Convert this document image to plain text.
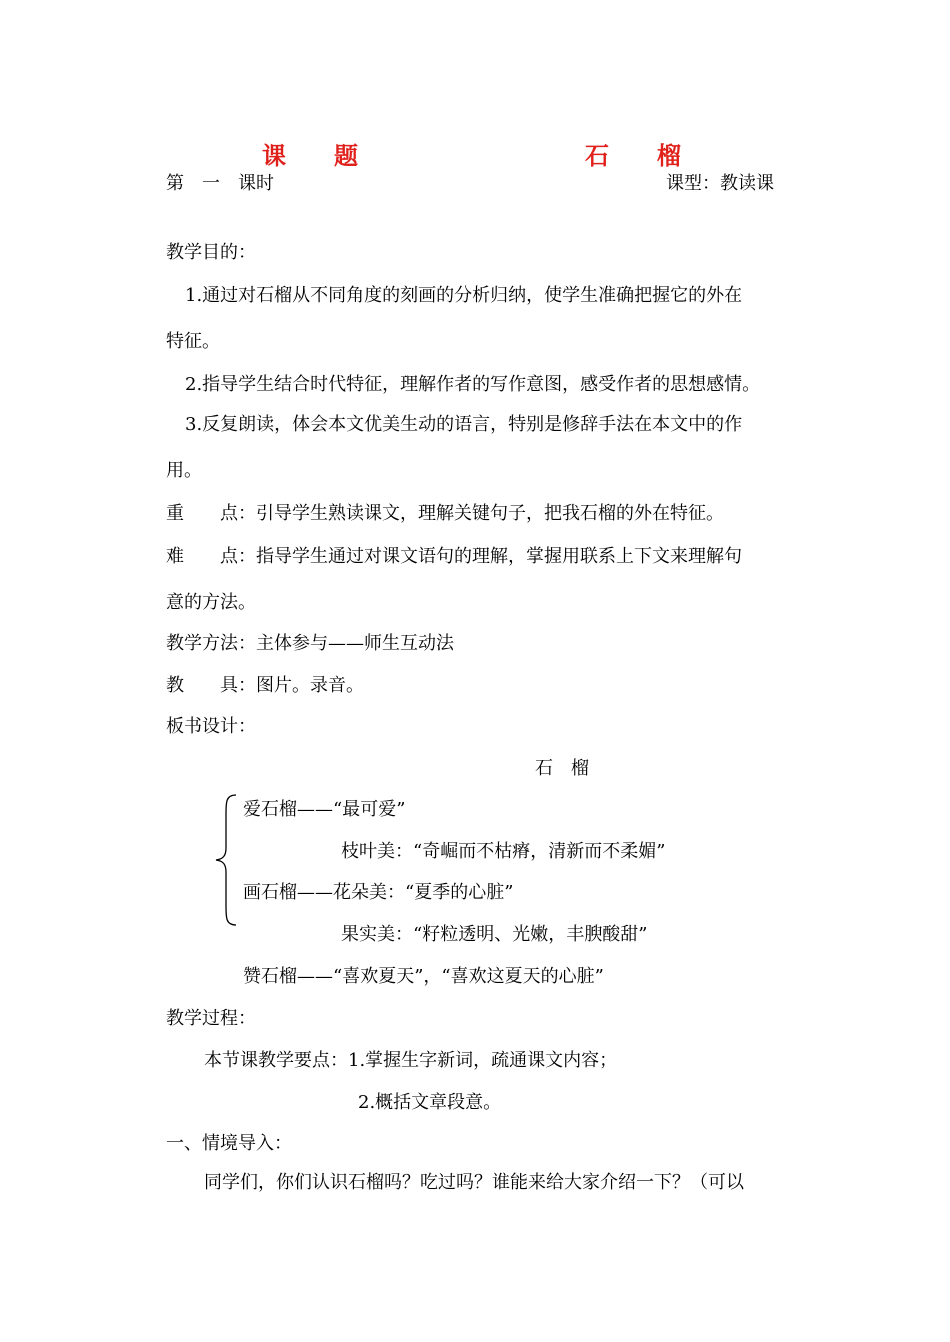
课　　题	石　　榴
第　一　课时	课型：教读课
教学目的：
1.通过对石榴从不同角度的刻画的分析归纳，使学生准确把握它的外在
特征。
2.指导学生结合时代特征，理解作者的写作意图，感受作者的思想感情。
3.反复朗读，体会本文优美生动的语言，特别是修辞手法在本文中的作
用。
重　　点：引导学生熟读课文，理解关键句子，把我石榴的外在特征。
难　　点：指导学生通过对课文语句的理解，掌握用联系上下文来理解句
意的方法。
教学方法：主体参与——师生互动法
教　　具：图片。录音。
板书设计：
石　榴
爱石榴——“最可爱”
枝叶美：“奇崛而不枯瘠，清新而不柔媚”
画石榴——花朵美：“夏季的心脏”
果实美：“籽粒透明、光嫩，丰腴酸甜”
赞石榴——“喜欢夏天”，“喜欢这夏天的心脏”
教学过程：
本节课教学要点：1.掌握生字新词，疏通课文内容；
2.概括文章段意。
一、情境导入：
同学们，你们认识石榴吗？吃过吗？谁能来给大家介绍一下？（可以
